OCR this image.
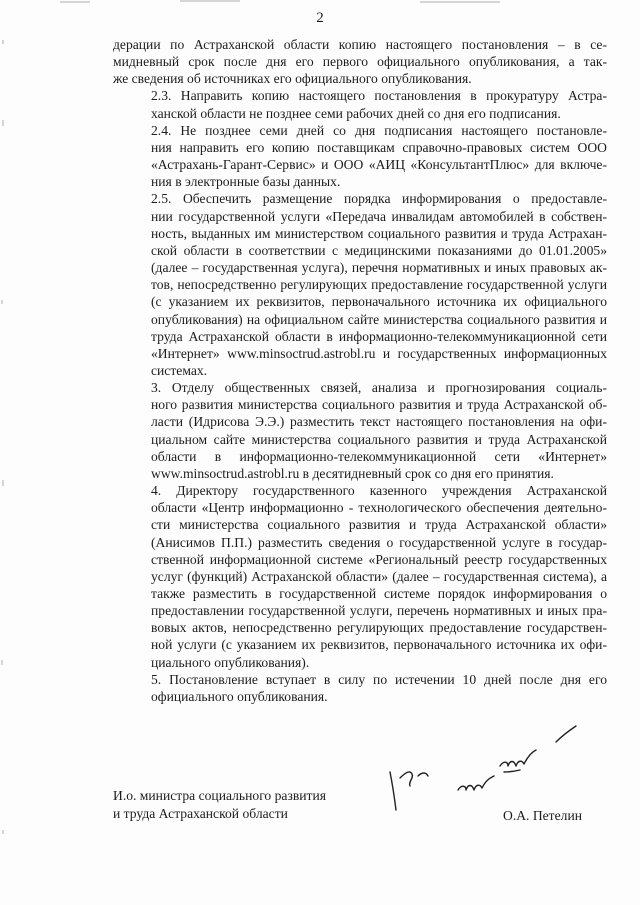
2

дерации по Астраханской области копию настоящего постановления – в се-
мидневный срок после дня его первого официального опубликования, а так-
же сведения об источниках его официального опубликования.

2.3. Направить копию настоящего постановления в прокуратуру Астра-
ханской области не позднее семи рабочих дней со дня его подписания.

2.4. Не позднее семи дней со дня подписания настоящего постановле-
ния направить его копию поставщикам справочно-правовых систем ООО
«Астрахань-Гарант-Сервис» и ООО «АИЦ «КонсультантПлюс» для включе-
ния в электронные базы данных.

2.5. Обеспечить размещение порядка информирования о предоставле-
нии государственной услуги «Передача инвалидам автомобилей в собствен-
ность, выданных им министерством социального развития и труда Астрахан-
ской области в соответствии с медицинскими показаниями до 01.01.2005»
(далее – государственная услуга), перечня нормативных и иных правовых ак-
тов, непосредственно регулирующих предоставление государственной услуги
(с указанием их реквизитов, первоначального источника их официального
опубликования) на официальном сайте министерства социального развития и
труда Астраханской области в информационно-телекоммуникационной сети
«Интернет» www.minsoctrud.astrobl.ru и государственных информационных
системах.

3. Отделу общественных связей, анализа и прогнозирования социаль-
ного развития министерства социального развития и труда Астраханской об-
ласти (Идрисова Э.Э.) разместить текст настоящего постановления на офи-
циальном сайте министерства социального развития и труда Астраханской
области в информационно-телекоммуникационной сети «Интернет»
www.minsoctrud.astrobl.ru в десятидневный срок со дня его принятия.

4. Директору государственного казенного учреждения Астраханской
области «Центр информационно - технологического обеспечения деятельно-
сти министерства социального развития и труда Астраханской области»
(Анисимов П.П.) разместить сведения о государственной услуге в государ-
ственной информационной системе «Региональный реестр государственных
услуг (функций) Астраханской области» (далее – государственная система), а
также разместить в государственной системе порядок информирования о
предоставлении государственной услуги, перечень нормативных и иных пра-
вовых актов, непосредственно регулирующих предоставление государствен-
ной услуги (с указанием их реквизитов, первоначального источника их офи-
циального опубликования).

5. Постановление вступает в силу по истечении 10 дней после дня его
официального опубликования.

И.о. министра социального развития
и труда Астраханской области	О.А. Петелин
